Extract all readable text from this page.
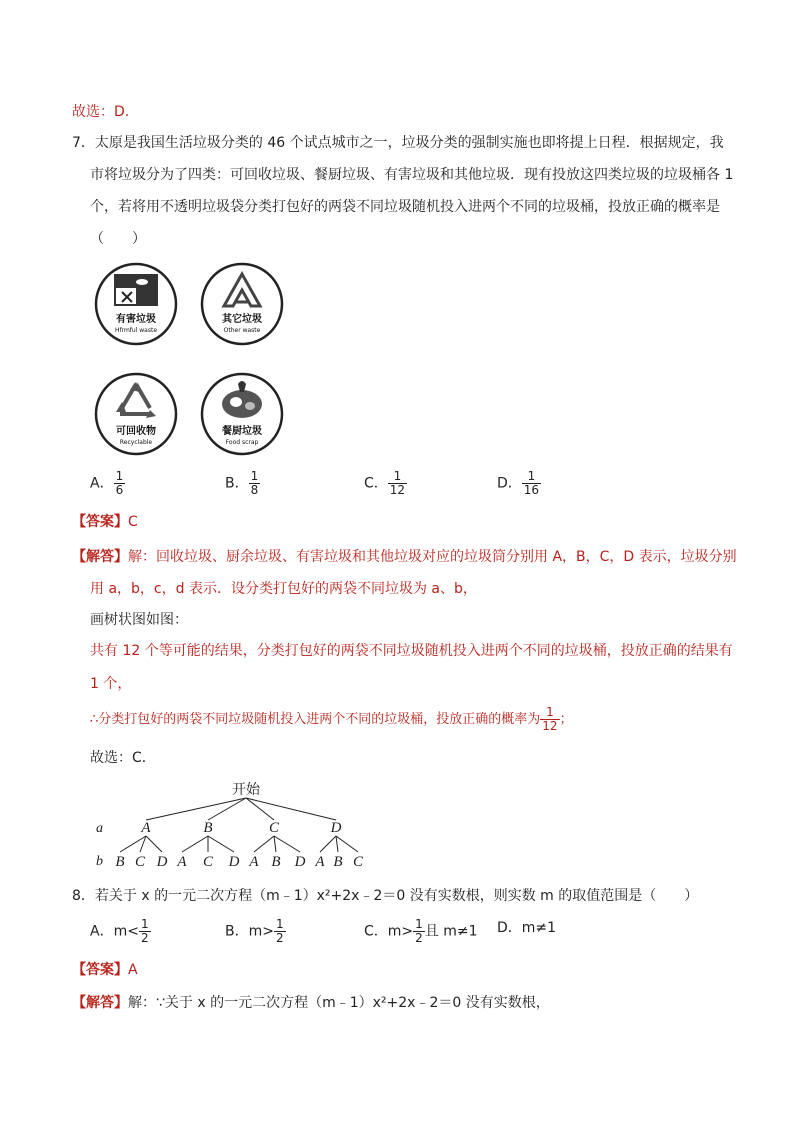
故选：D．
7．太原是我国生活垃圾分类的 46 个试点城市之一，垃圾分类的强制实施也即将提上日程．根据规定，我
市将垃圾分为了四类：可回收垃圾、餐厨垃圾、有害垃圾和其他垃圾．现有投放这四类垃圾的垃圾桶各 1
个，若将用不透明垃圾袋分类打包好的两袋不同垃圾随机投入进两个不同的垃圾桶，投放正确的概率是
（　　）
有害垃圾
Hfrmful waste
其它垃圾
Other waste
可回收物
Recyclable
餐厨垃圾
Food scrap
A． $\frac{1}{6}$	B． $\frac{1}{8}$	C． $\frac{1}{12}$	D． $\frac{1}{16}$
【答案】C
【解答】解：回收垃圾、厨余垃圾、有害垃圾和其他垃圾对应的垃圾筒分别用 A，B，C，D 表示，垃圾分别
用 a，b，c，d 表示．设分类打包好的两袋不同垃圾为 a、b，
画树状图如图：
共有 12 个等可能的结果，分类打包好的两袋不同垃圾随机投入进两个不同的垃圾桶，投放正确的结果有
1 个，
∴分类打包好的两袋不同垃圾随机投入进两个不同的垃圾桶，投放正确的概率为 $\frac{1}{12}$ ；
故选：C．
开始
a
b
A	B	C	D
B C D A C D A B D A B C
8．若关于 x 的一元二次方程（m﹣1）x²+2x﹣2＝0 没有实数根，则实数 m 的取值范围是（　　）
A．$m< \frac{1}{2}$	B．$m> \frac{1}{2}$	C．$m> \frac{1}{2}$ 且 m≠1 D．m≠1
【答案】A
【解答】解：∵关于 x 的一元二次方程（m﹣1）x²+2x﹣2＝0 没有实数根，
